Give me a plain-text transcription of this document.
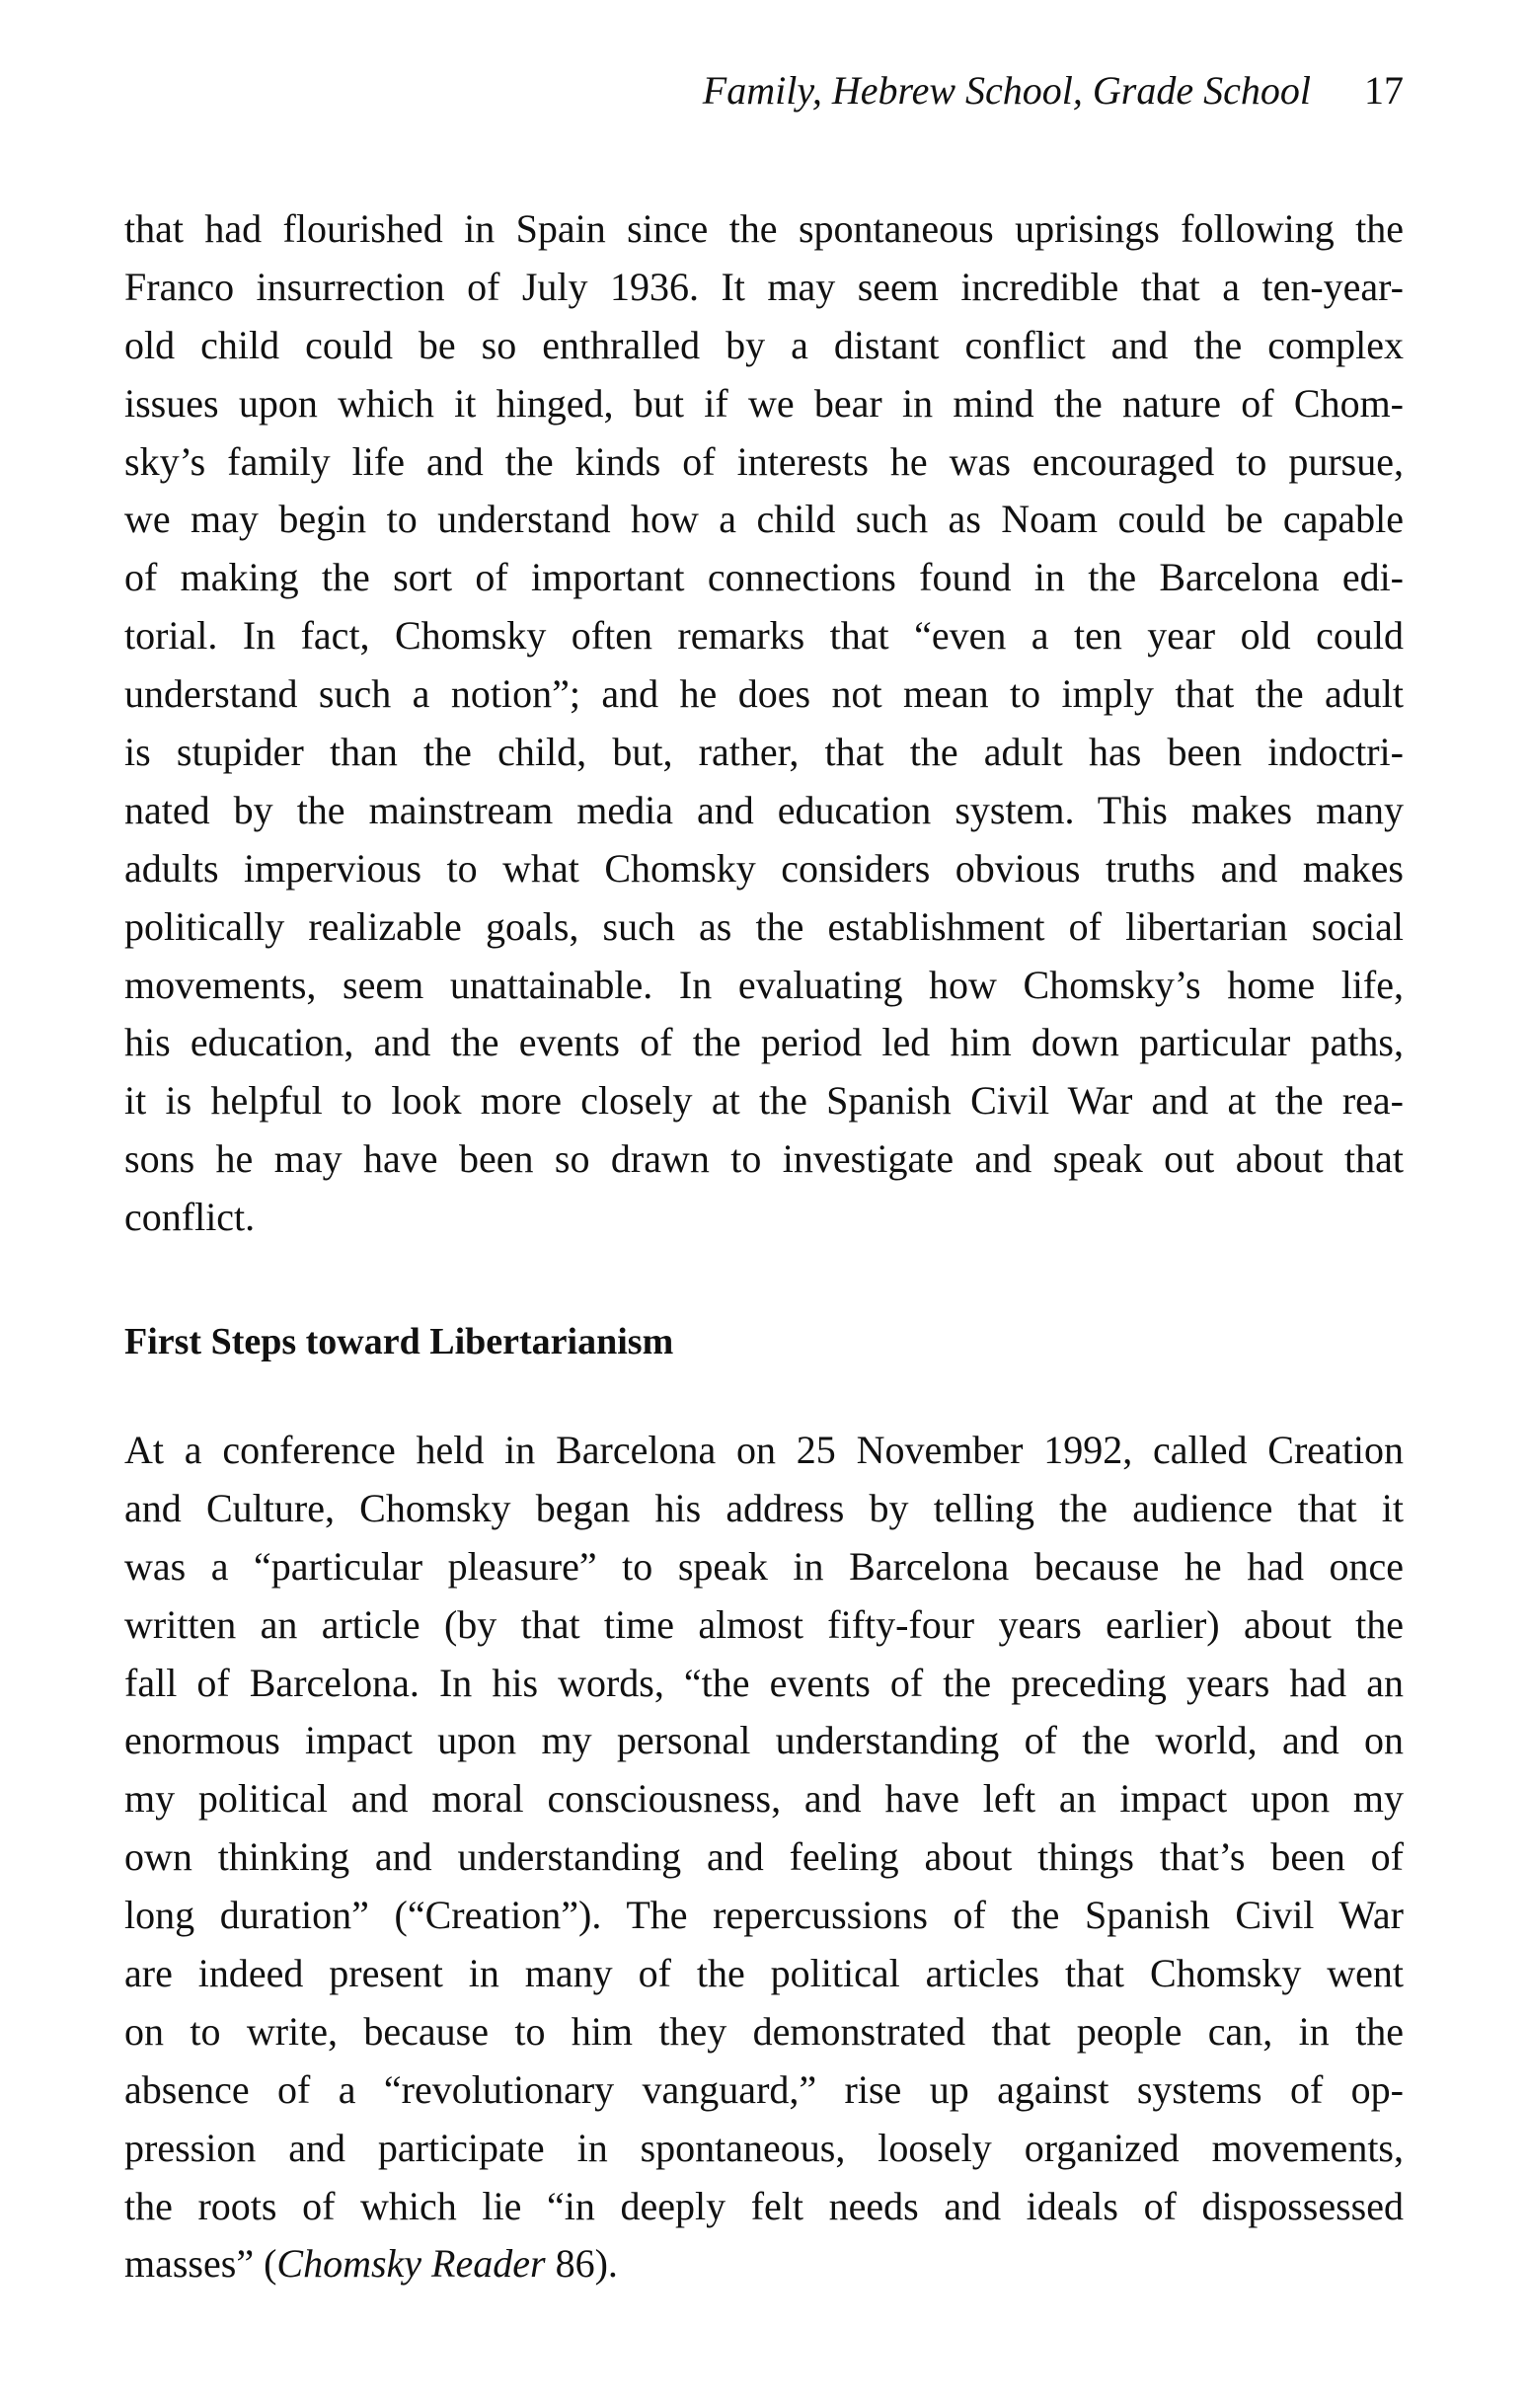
Family, Hebrew School, Grade School 17

that had flourished in Spain since the spontaneous uprisings following the
Franco insurrection of July 1936. It may seem incredible that a ten-year-
old child could be so enthralled by a distant conflict and the complex
issues upon which it hinged, but if we bear in mind the nature of Chom-
sky’s family life and the kinds of interests he was encouraged to pursue,
we may begin to understand how a child such as Noam could be capable
of making the sort of important connections found in the Barcelona edi-
torial. In fact, Chomsky often remarks that “even a ten year old could
understand such a notion”; and he does not mean to imply that the adult
is stupider than the child, but, rather, that the adult has been indoctri-
nated by the mainstream media and education system. This makes many
adults impervious to what Chomsky considers obvious truths and makes
politically realizable goals, such as the establishment of libertarian social
movements, seem unattainable. In evaluating how Chomsky’s home life,
his education, and the events of the period led him down particular paths,
it is helpful to look more closely at the Spanish Civil War and at the rea-
sons he may have been so drawn to investigate and speak out about that
conflict.

First Steps toward Libertarianism

At a conference held in Barcelona on 25 November 1992, called Creation
and Culture, Chomsky began his address by telling the audience that it
was a “particular pleasure” to speak in Barcelona because he had once
written an article (by that time almost fifty-four years earlier) about the
fall of Barcelona. In his words, “the events of the preceding years had an
enormous impact upon my personal understanding of the world, and on
my political and moral consciousness, and have left an impact upon my
own thinking and understanding and feeling about things that’s been of
long duration” (“Creation”). The repercussions of the Spanish Civil War
are indeed present in many of the political articles that Chomsky went
on to write, because to him they demonstrated that people can, in the
absence of a “revolutionary vanguard,” rise up against systems of op-
pression and participate in spontaneous, loosely organized movements,
the roots of which lie “in deeply felt needs and ideals of dispossessed
masses” (Chomsky Reader 86).
